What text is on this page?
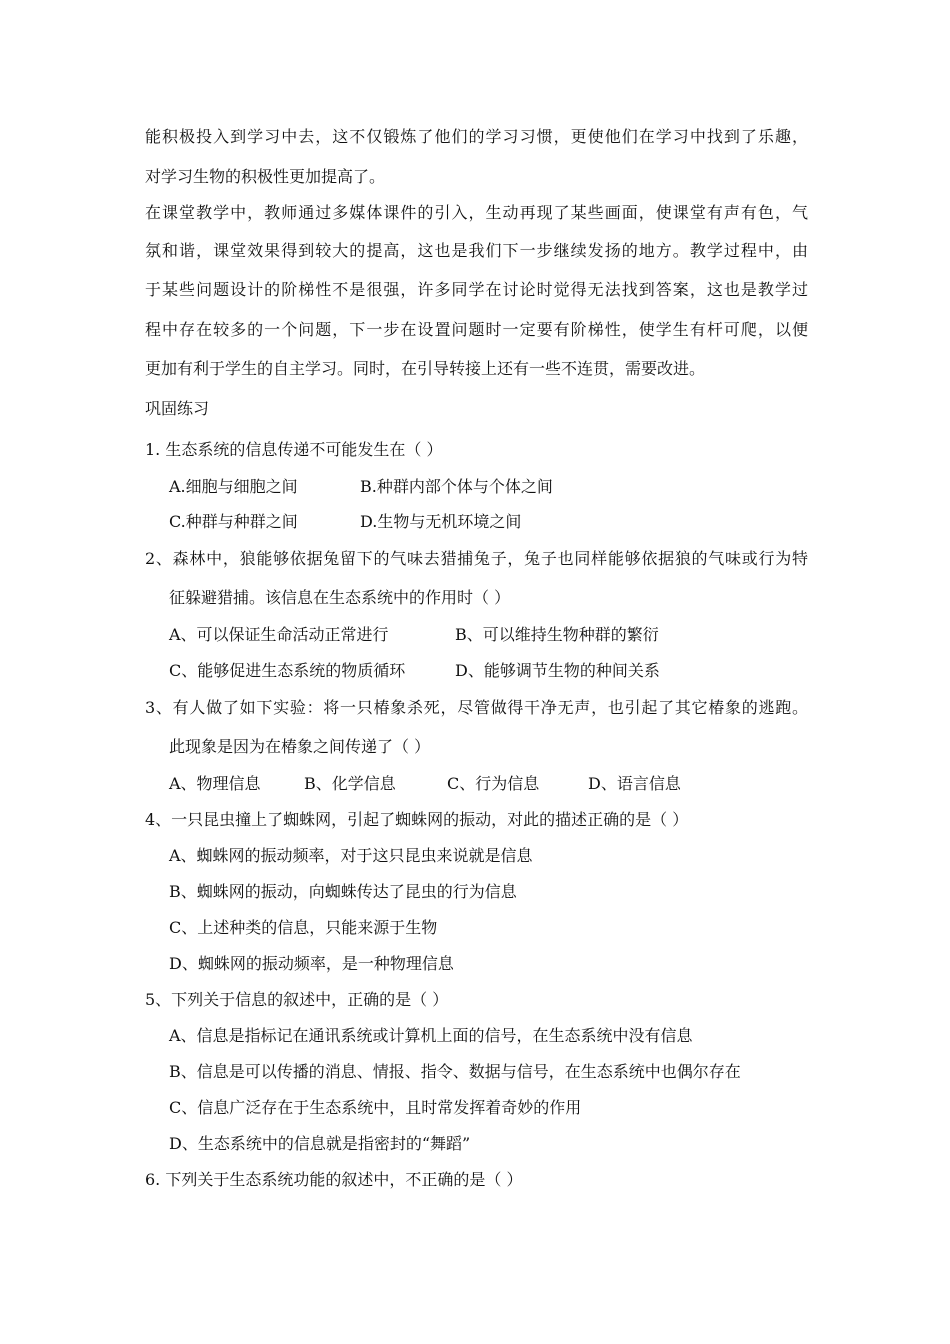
能积极投入到学习中去，这不仅锻炼了他们的学习习惯，更使他们在学习中找到了乐趣，
对学习生物的积极性更加提高了。
在课堂教学中，教师通过多媒体课件的引入，生动再现了某些画面，使课堂有声有色，气
氛和谐，课堂效果得到较大的提高，这也是我们下一步继续发扬的地方。教学过程中，由
于某些问题设计的阶梯性不是很强，许多同学在讨论时觉得无法找到答案，这也是教学过
程中存在较多的一个问题，下一步在设置问题时一定要有阶梯性，使学生有杆可爬，以便
更加有利于学生的自主学习。同时，在引导转接上还有一些不连贯，需要改进。
巩固练习
1. 生态系统的信息传递不可能发生在（ ）
A.细胞与细胞之间	B.种群内部个体与个体之间
C.种群与种群之间	D.生物与无机环境之间
2、森林中，狼能够依据兔留下的气味去猎捕兔子，兔子也同样能够依据狼的气味或行为特
征躲避猎捕。该信息在生态系统中的作用时（ ）
A、可以保证生命活动正常进行	B、可以维持生物种群的繁衍
C、能够促进生态系统的物质循环	D、能够调节生物的种间关系
3、有人做了如下实验：将一只椿象杀死，尽管做得干净无声，也引起了其它椿象的逃跑。
此现象是因为在椿象之间传递了（ ）
A、物理信息	B、化学信息	C、行为信息	D、语言信息
4、一只昆虫撞上了蜘蛛网，引起了蜘蛛网的振动，对此的描述正确的是（ ）
A、蜘蛛网的振动频率，对于这只昆虫来说就是信息
B、蜘蛛网的振动，向蜘蛛传达了昆虫的行为信息
C、上述种类的信息，只能来源于生物
D、蜘蛛网的振动频率，是一种物理信息
5、下列关于信息的叙述中，正确的是（ ）
A、信息是指标记在通讯系统或计算机上面的信号，在生态系统中没有信息
B、信息是可以传播的消息、情报、指令、数据与信号，在生态系统中也偶尔存在
C、信息广泛存在于生态系统中，且时常发挥着奇妙的作用
D、生态系统中的信息就是指密封的“舞蹈”
6. 下列关于生态系统功能的叙述中，不正确的是（ ）
